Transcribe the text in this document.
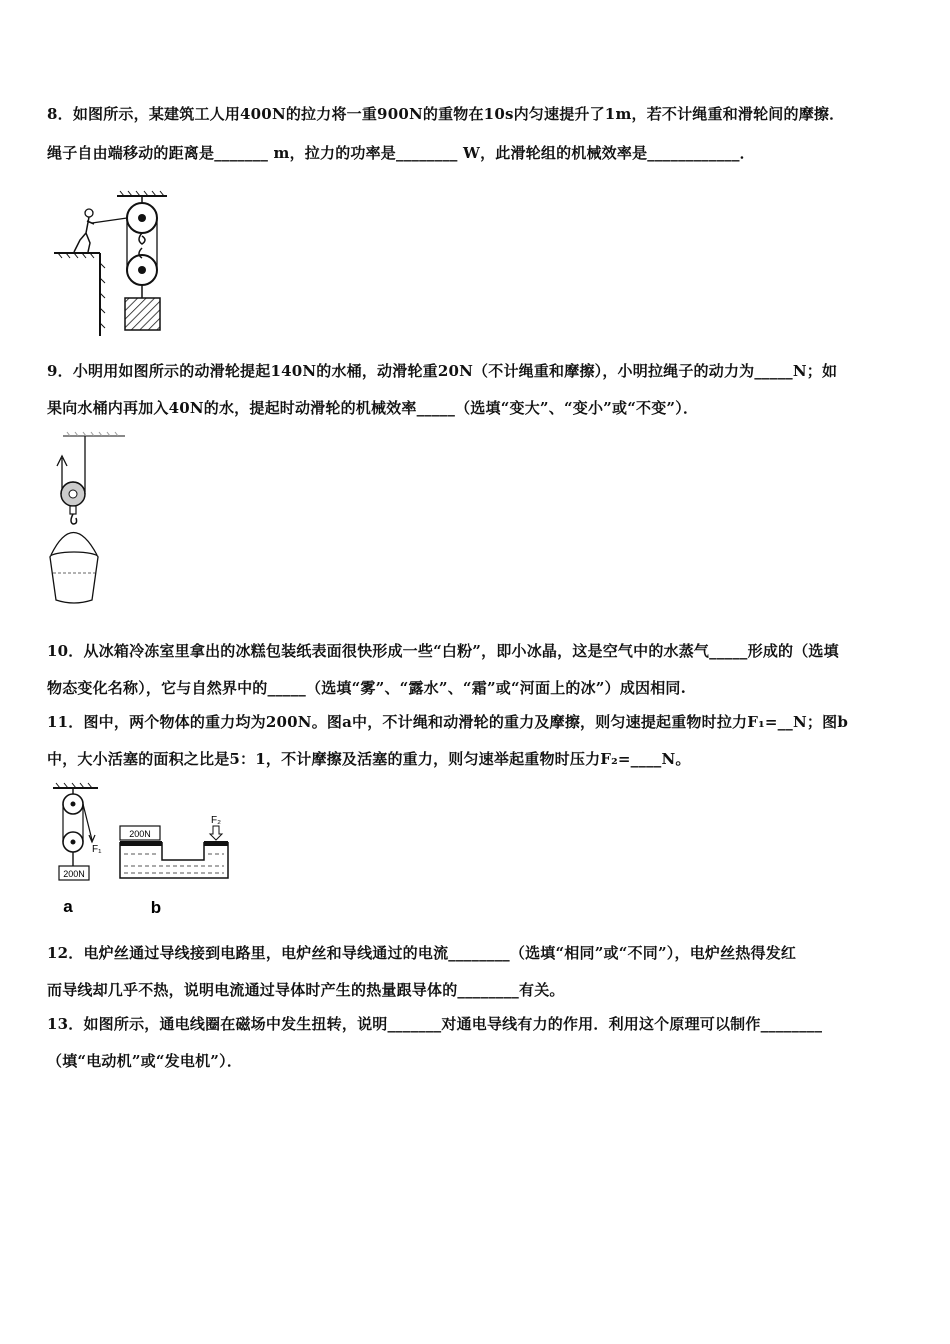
8．如图所示，某建筑工人用400N的拉力将一重900N的重物在10s内匀速提升了1m，若不计绳重和滑轮间的摩擦．
绳子自由端移动的距离是_______ m，拉力的功率是________ W，此滑轮组的机械效率是____________．
9．小明用如图所示的动滑轮提起140N的水桶，动滑轮重20N（不计绳重和摩擦），小明拉绳子的动力为_____N；如
果向水桶内再加入40N的水，提起时动滑轮的机械效率_____（选填“变大”、“变小”或“不变”）．
10．从冰箱冷冻室里拿出的冰糕包装纸表面很快形成一些“白粉”，即小冰晶，这是空气中的水蒸气_____形成的（选填
物态变化名称），它与自然界中的_____（选填“雾”、“露水”、“霜”或“河面上的冰”）成因相同.
11．图中，两个物体的重力均为200N。图a中，不计绳和动滑轮的重力及摩擦，则匀速提起重物时拉力F₁=__N；图b
中，大小活塞的面积之比是5：1，不计摩擦及活塞的重力，则匀速举起重物时压力F₂=____N。
F₁
200N
a
200N
F₂
b
12．电炉丝通过导线接到电路里，电炉丝和导线通过的电流________（选填“相同”或“不同”），电炉丝热得发红
而导线却几乎不热，说明电流通过导体时产生的热量跟导体的________有关。
13．如图所示，通电线圈在磁场中发生扭转，说明_______对通电导线有力的作用．利用这个原理可以制作________
（填“电动机”或“发电机”）．
